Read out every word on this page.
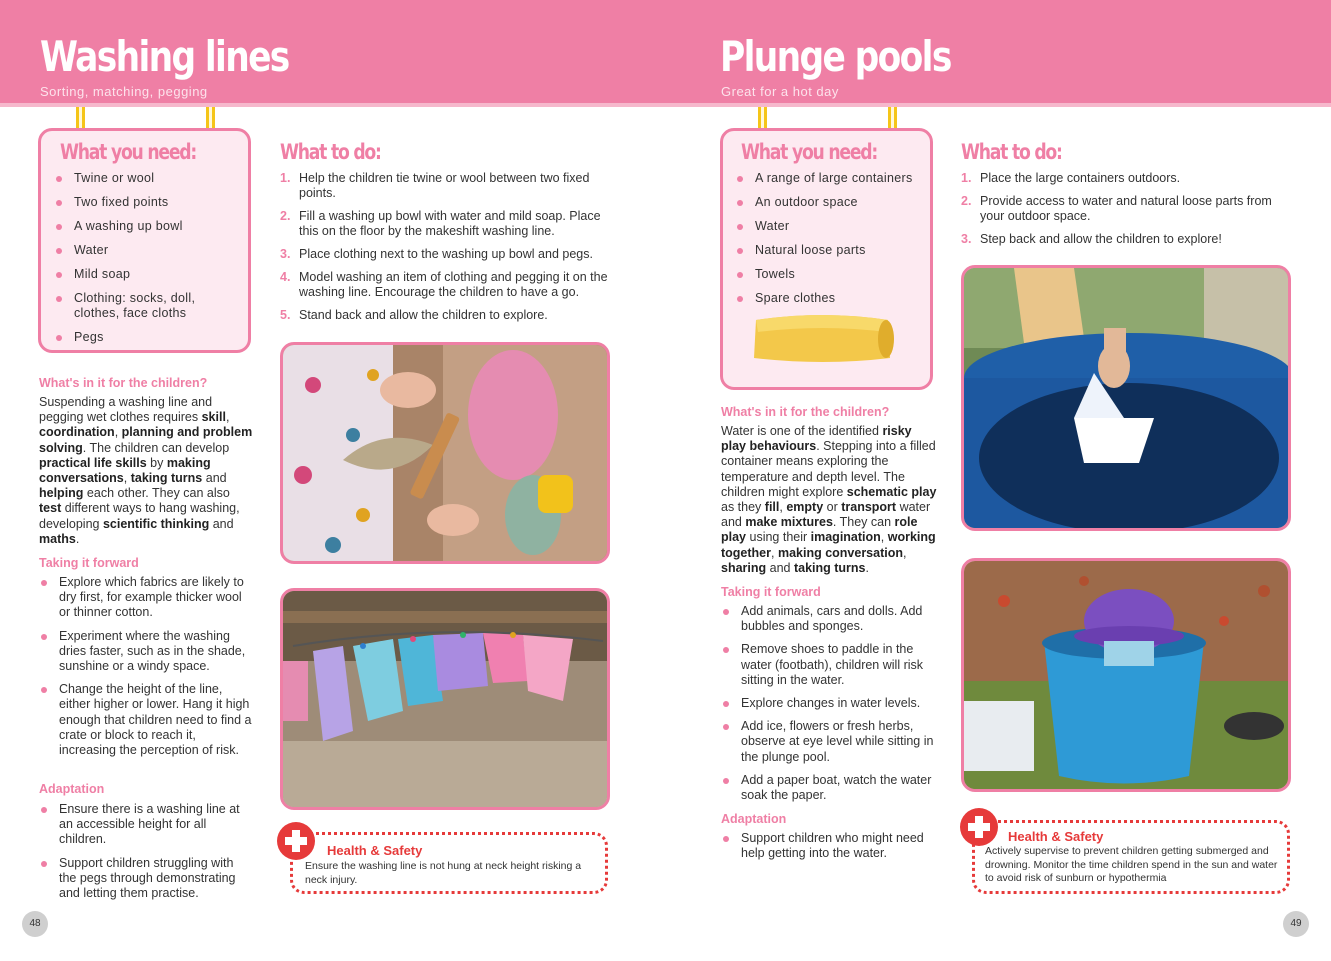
Washing lines
Sorting, matching, pegging
What you need:
Twine or wool
Two fixed points
A washing up bowl
Water
Mild soap
Clothing: socks, doll, clothes, face cloths
Pegs
What to do:
1. Help the children tie twine or wool between two fixed points.
2. Fill a washing up bowl with water and mild soap. Place this on the floor by the makeshift washing line.
3. Place clothing next to the washing up bowl and pegs.
4. Model washing an item of clothing and pegging it on the washing line. Encourage the children to have a go.
5. Stand back and allow the children to explore.
What's in it for the children?
Suspending a washing line and pegging wet clothes requires skill, coordination, planning and problem solving. The children can develop practical life skills by making conversations, taking turns and helping each other. They can also test different ways to hang washing, developing scientific thinking and maths.
Taking it forward
Explore which fabrics are likely to dry first, for example thicker wool or thinner cotton.
Experiment where the washing dries faster, such as in the shade, sunshine or a windy space.
Change the height of the line, either higher or lower. Hang it high enough that children need to find a crate or block to reach it, increasing the perception of risk.
Adaptation
Ensure there is a washing line at an accessible height for all children.
Support children struggling with the pegs through demonstrating and letting them practise.
Health & Safety
Ensure the washing line is not hung at neck height risking a neck injury.
48
Plunge pools
Great for a hot day
What you need:
A range of large containers
An outdoor space
Water
Natural loose parts
Towels
Spare clothes
What to do:
1. Place the large containers outdoors.
2. Provide access to water and natural loose parts from your outdoor space.
3. Step back and allow the children to explore!
What's in it for the children?
Water is one of the identified risky play behaviours. Stepping into a filled container means exploring the temperature and depth level. The children might explore schematic play as they fill, empty or transport water and make mixtures. They can role play using their imagination, working together, making conversation, sharing and taking turns.
Taking it forward
Add animals, cars and dolls. Add bubbles and sponges.
Remove shoes to paddle in the water (footbath), children will risk sitting in the water.
Explore changes in water levels.
Add ice, flowers or fresh herbs, observe at eye level while sitting in the plunge pool.
Add a paper boat, watch the water soak the paper.
Adaptation
Support children who might need help getting into the water.
Health & Safety
Actively supervise to prevent children getting submerged and drowning. Monitor the time children spend in the sun and water to avoid risk of sunburn or hypothermia
49
